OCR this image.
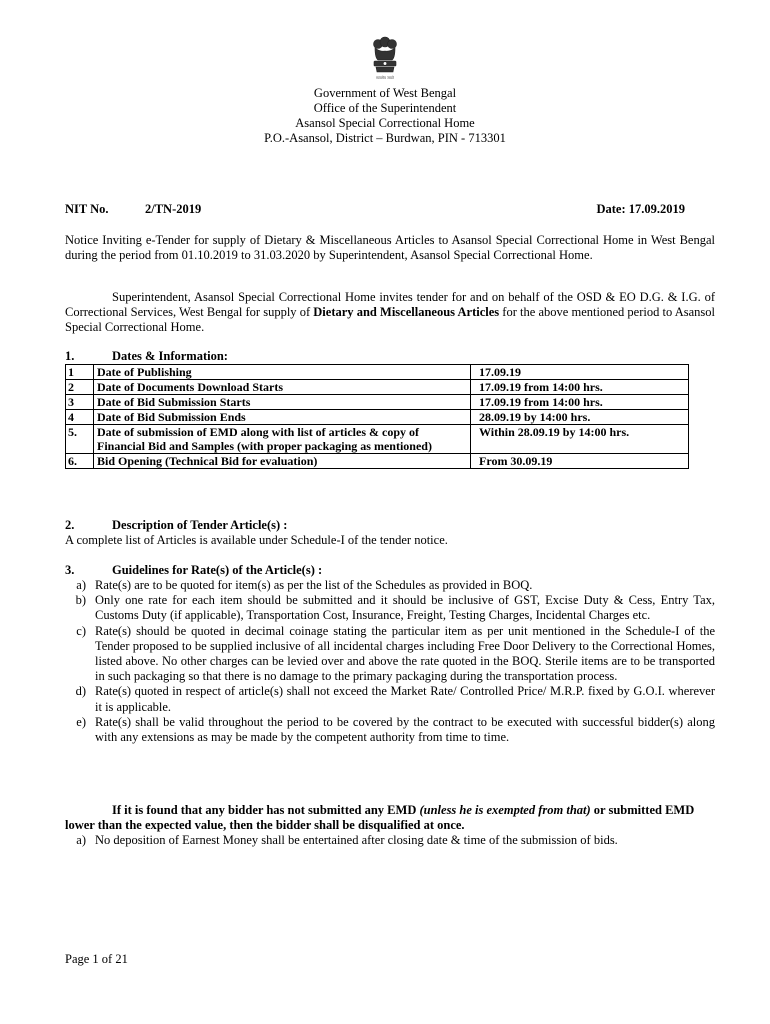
सत्यमेव जयते
Government of West Bengal
Office of the Superintendent
Asansol Special Correctional Home
P.O.-Asansol, District – Burdwan, PIN - 713301
NIT No.	2/TN-2019	Date: 17.09.2019
Notice Inviting e-Tender for supply of Dietary & Miscellaneous Articles to Asansol Special Correctional Home in West Bengal during the period from 01.10.2019 to 31.03.2020 by Superintendent, Asansol Special Correctional Home.
Superintendent, Asansol Special Correctional Home invites tender for and on behalf of the OSD & EO D.G. & I.G. of Correctional Services, West Bengal for supply of Dietary and Miscellaneous Articles for the above mentioned period to Asansol Special Correctional Home.
1.	Dates & Information:
1	Date of Publishing	17.09.19
2	Date of Documents Download Starts	17.09.19 from 14:00 hrs.
3	Date of Bid Submission Starts	17.09.19 from 14:00 hrs.
4	Date of Bid Submission Ends	28.09.19 by 14:00 hrs.
5.	Date of submission of EMD along with list of articles & copy of Financial Bid and Samples (with proper packaging as mentioned)	Within 28.09.19 by 14:00 hrs.
6.	Bid Opening (Technical Bid for evaluation)	From 30.09.19
2.	Description of Tender Article(s) :
A complete list of Articles is available under Schedule-I of the tender notice.
3.	Guidelines for Rate(s) of the Article(s) :
a) Rate(s) are to be quoted for item(s) as per the list of the Schedules as provided in BOQ.
b) Only one rate for each item should be submitted and it should be inclusive of GST, Excise Duty & Cess, Entry Tax, Customs Duty (if applicable), Transportation Cost, Insurance, Freight, Testing Charges, Incidental Charges etc.
c) Rate(s) should be quoted in decimal coinage stating the particular item as per unit mentioned in the Schedule-I of the Tender proposed to be supplied inclusive of all incidental charges including Free Door Delivery to the Correctional Homes, listed above. No other charges can be levied over and above the rate quoted in the BOQ. Sterile items are to be transported in such packaging so that there is no damage to the primary packaging during the transportation process.
d) Rate(s) quoted in respect of article(s) shall not exceed the Market Rate/ Controlled Price/ M.R.P. fixed by G.O.I. wherever it is applicable.
e) Rate(s) shall be valid throughout the period to be covered by the contract to be executed with successful bidder(s) along with any extensions as may be made by the competent authority from time to time.
If it is found that any bidder has not submitted any EMD (unless he is exempted from that) or submitted EMD lower than the expected value, then the bidder shall be disqualified at once.
a) No deposition of Earnest Money shall be entertained after closing date & time of the submission of bids.
Page 1 of 21
